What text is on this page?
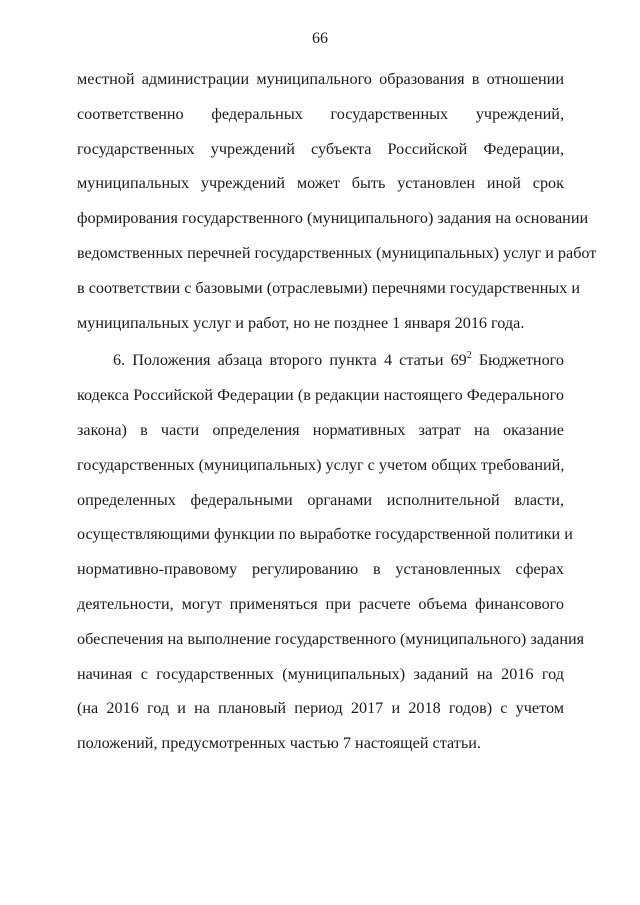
66
местной администрации муниципального образования в отношении
соответственно федеральных государственных учреждений,
государственных учреждений субъекта Российской Федерации,
муниципальных учреждений может быть установлен иной срок
формирования государственного (муниципального) задания на основании
ведомственных перечней государственных (муниципальных) услуг и работ
в соответствии с базовыми (отраслевыми) перечнями государственных и
муниципальных услуг и работ, но не позднее 1 января 2016 года.
6. Положения абзаца второго пункта 4 статьи $69^2$ Бюджетного
кодекса Российской Федерации (в редакции настоящего Федерального
закона) в части определения нормативных затрат на оказание
государственных (муниципальных) услуг с учетом общих требований,
определенных федеральными органами исполнительной власти,
осуществляющими функции по выработке государственной политики и
нормативно-правовому регулированию в установленных сферах
деятельности, могут применяться при расчете объема финансового
обеспечения на выполнение государственного (муниципального) задания
начиная с государственных (муниципальных) заданий на 2016 год
(на 2016 год и на плановый период 2017 и 2018 годов) с учетом
положений, предусмотренных частью 7 настоящей статьи.
